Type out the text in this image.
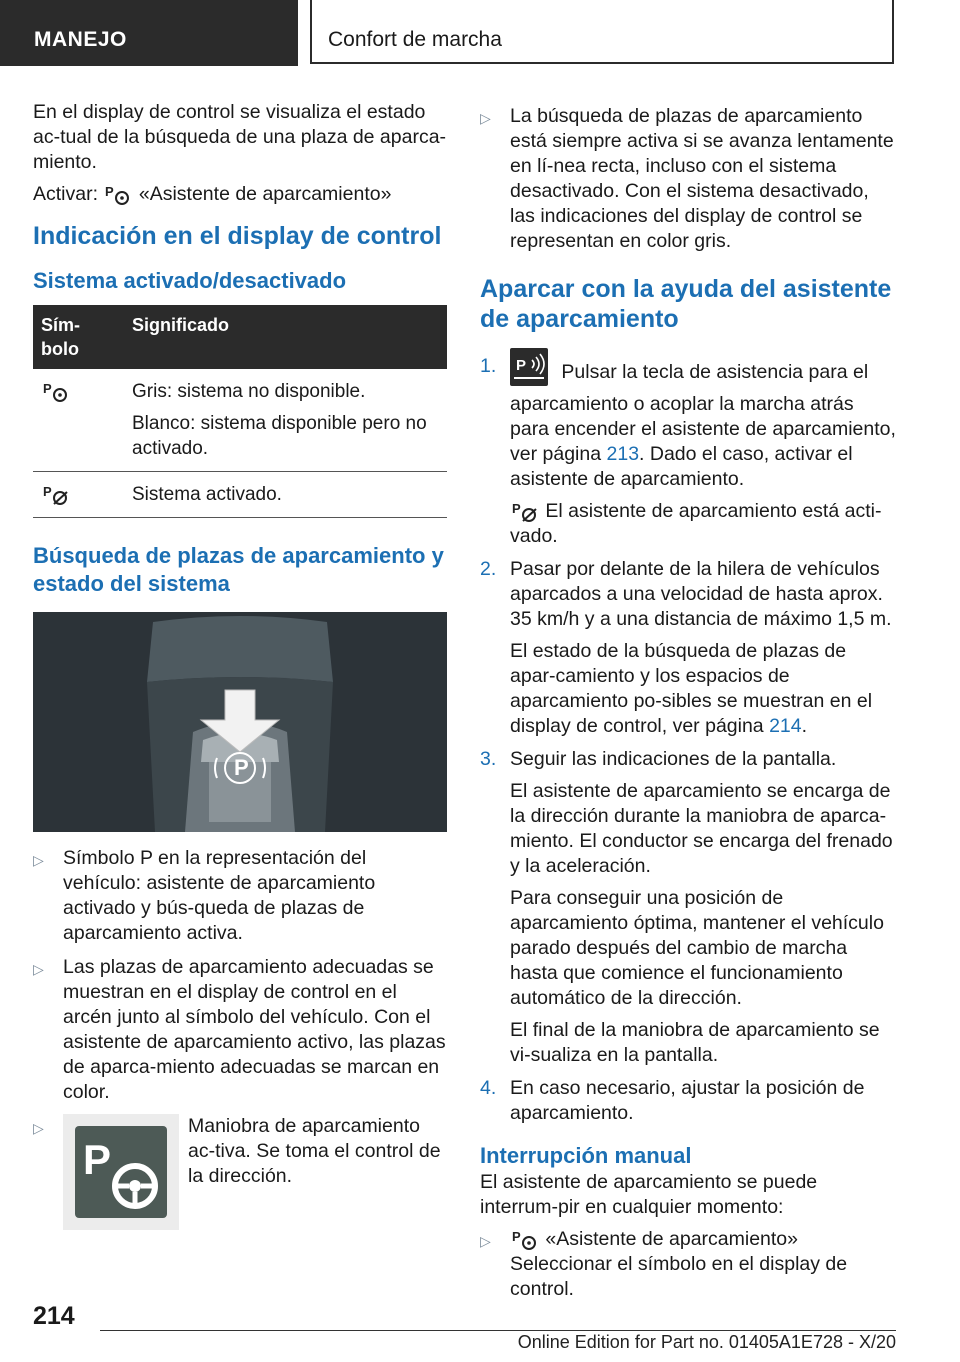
MANEJO	Confort de marcha

En el display de control se visualiza el estado ac-tual de la búsqueda de una plaza de aparca-miento.

Activar: P «Asistente de aparcamiento»

Indicación en el display de control
Sistema activado/desactivado
Sím-bolo	Significado

P	Gris: sistema no disponible.

Blanco: sistema disponible pero no activado.

P	Sistema activado.
Búsqueda de plazas de aparcamiento y estado del sistema
P
▷ Símbolo P en la representación del vehículo: asistente de aparcamiento activado y bús-queda de plazas de aparcamiento activa.
▷ Las plazas de aparcamiento adecuadas se muestran en el display de control en el arcén junto al símbolo del vehículo. Con el asistente de aparcamiento activo, las plazas de aparca-miento adecuadas se marcan en color.
▷
P
Maniobra de aparcamiento ac-tiva. Se toma el control de la dirección.
▷ La búsqueda de plazas de aparcamiento está siempre activa si se avanza lentamente en lí-nea recta, incluso con el sistema desactivado. Con el sistema desactivado, las indicaciones del display de control se representan en color gris.
Aparcar con la ayuda del asistente de aparcamiento
1. P Pulsar la tecla de asistencia para el aparcamiento o acoplar la marcha atrás para encender el asistente de aparcamiento, ver página 213. Dado el caso, activar el asistente de aparcamiento.

P El asistente de aparcamiento está acti-vado.

2. Pasar por delante de la hilera de vehículos aparcados a una velocidad de hasta aprox. 35 km/h y a una distancia de máximo 1,5 m.

El estado de la búsqueda de plazas de apar-camiento y los espacios de aparcamiento po-sibles se muestran en el display de control, ver página 214.

3. Seguir las indicaciones de la pantalla.

El asistente de aparcamiento se encarga de la dirección durante la maniobra de aparca-miento. El conductor se encarga del frenado y la aceleración.

Para conseguir una posición de aparcamiento óptima, mantener el vehículo parado después del cambio de marcha hasta que comience el funcionamiento automático de la dirección.

El final de la maniobra de aparcamiento se vi-sualiza en la pantalla.

4. En caso necesario, ajustar la posición de aparcamiento.

Interrupción manual

El asistente de aparcamiento se puede interrum-pir en cualquier momento:

▷ P «Asistente de aparcamiento» Seleccionar el símbolo en el display de control.
214
Online Edition for Part no. 01405A1E728 - X/20
